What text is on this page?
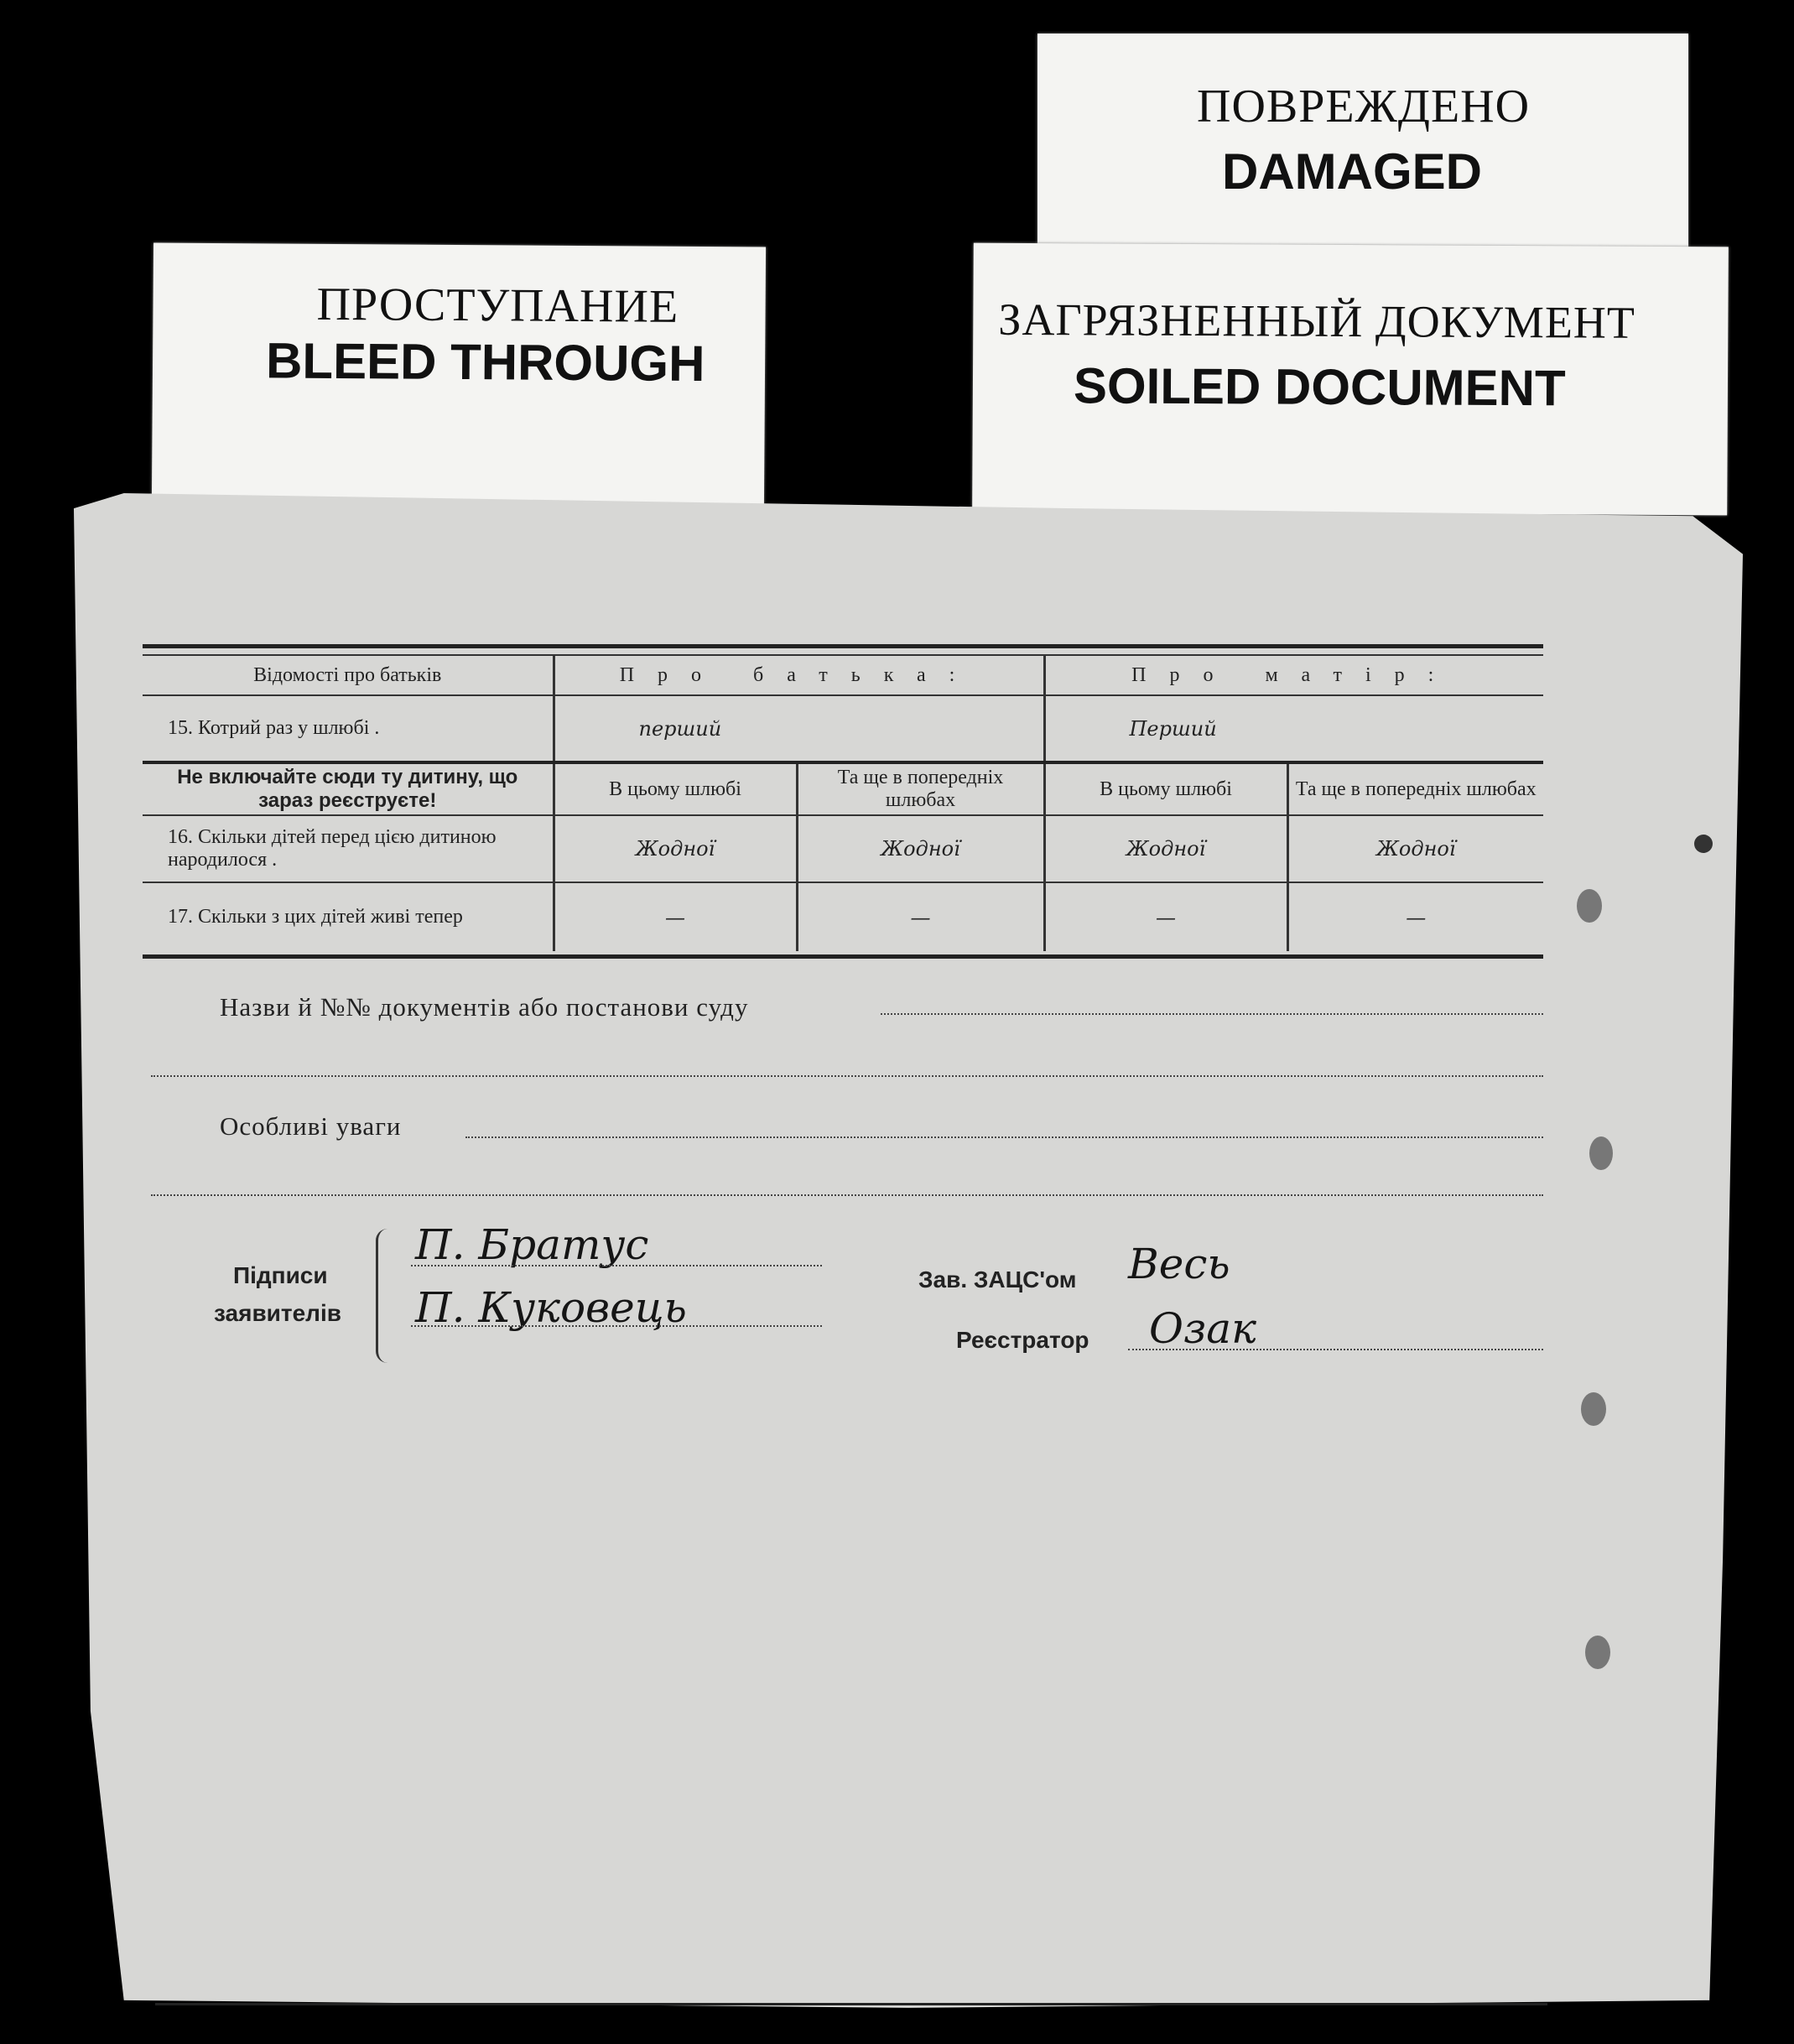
ПРОСТУПАНИЕ
BLEED THROUGH
ПОВРЕЖДЕНО
DAMAGED
ЗАГРЯЗНЕННЫЙ ДОКУМЕНТ
SOILED DOCUMENT
Відомості про батьків	Про батька:		Про матір:	
15. Котрий раз у шлюбі .	перший		Перший	
Не включайте сюди ту дитину, що зараз реєструєте!	В цьому шлюбі	Та ще в попередніх шлюбах	В цьому шлюбі	Та ще в попередніх шлюбах
16. Скільки дітей перед цією дитиною народилося .	Жодної	Жодної	Жодної	Жодної
17. Скільки з цих дітей живі тепер	—	—	—	—
Назви й №№ документів або постанови суду
Особливі уваги
Підписи
заявителів
П. Братус
П. Куковець
Зав. ЗАЦС'ом Весь
Реєстратор Озак
